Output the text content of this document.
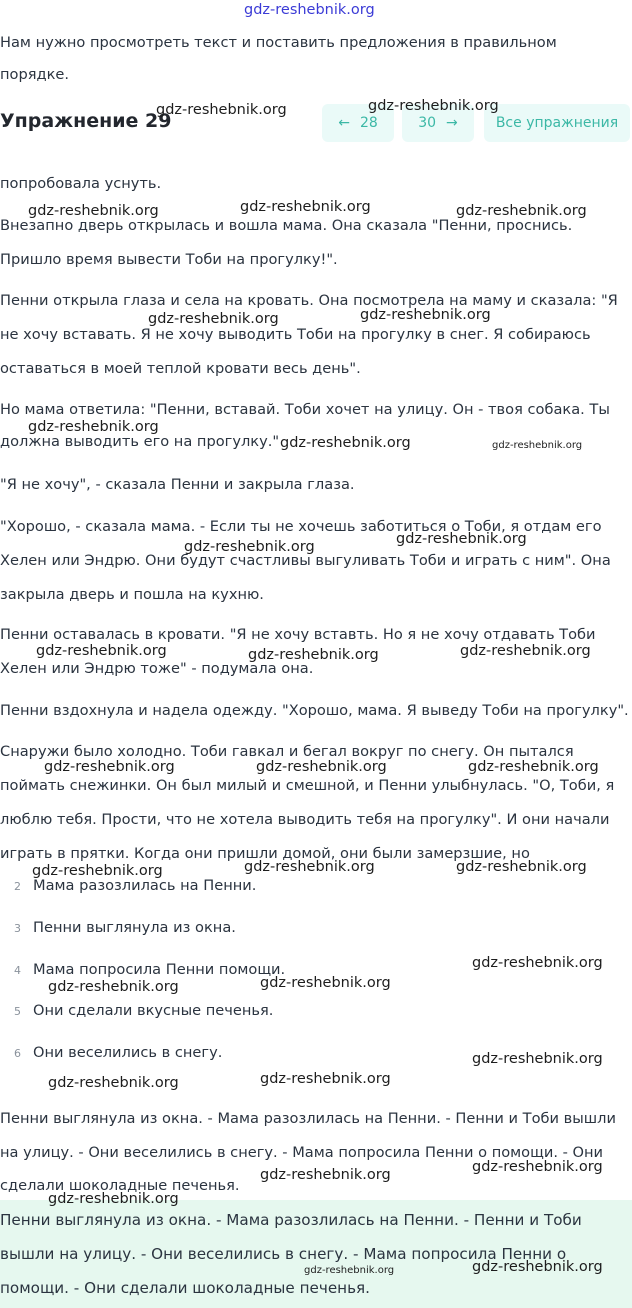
Нам нужно просмотреть текст и поставить предложения в правильном

порядке.

Упражнение 29	← 28	30 →	Все упражнения

попробовала уснуть.

Внезапно дверь открылась и вошла мама. Она сказала "Пенни, проснись.

Пришло время вывести Тоби на прогулку!".

Пенни открыла глаза и села на кровать. Она посмотрела на маму и сказала: "Я

не хочу вставать. Я не хочу выводить Тоби на прогулку в снег. Я собираюсь

оставаться в моей теплой кровати весь день".

Но мама ответила: "Пенни, вставай. Тоби хочет на улицу. Он - твоя собака. Ты

должна выводить его на прогулку."

"Я не хочу", - сказала Пенни и закрыла глаза.

"Хорошо, - сказала мама. - Если ты не хочешь заботиться о Тоби, я отдам его

Хелен или Эндрю. Они будут счастливы выгуливать Тоби и играть с ним". Она

закрыла дверь и пошла на кухню.

Пенни оставалась в кровати. "Я не хочу вставть. Но я не хочу отдавать Тоби

Хелен или Эндрю тоже" - подумала она.

Пенни вздохнула и надела одежду. "Хорошо, мама. Я выведу Тоби на прогулку".

Снаружи было холодно. Тоби гавкал и бегал вокруг по снегу. Он пытался

поймать снежинки. Он был милый и смешной, и Пенни улыбнулась. "О, Тоби, я

люблю тебя. Прости, что не хотела выводить тебя на прогулку". И они начали

играть в прятки. Когда они пришли домой, они были замерзшие, но

2 Мама разозлилась на Пенни.
3 Пенни выглянула из окна.
4 Мама попросила Пенни помощи.
5 Они сделали вкусные печенья.
6 Они веселились в снегу.

Пенни выглянула из окна. - Мама разозлилась на Пенни. - Пенни и Тоби вышли

на улицу. - Они веселились в снегу. - Мама попросила Пенни о помощи. - Они

сделали шоколадные печенья.

Пенни выглянула из окна. - Мама разозлилась на Пенни. - Пенни и Тоби

вышли на улицу. - Они веселились в снегу. - Мама попросила Пенни о

помощи. - Они сделали шоколадные печенья.

gdz-reshebnik.org
gdz-reshebnik.org	gdz-reshebnik.org
gdz-reshebnik.org	gdz-reshebnik.org	gdz-reshebnik.org
gdz-reshebnik.org	gdz-reshebnik.org
gdz-reshebnik.org
gdz-reshebnik.org	gdz-reshebnik.org
gdz-reshebnik.org	gdz-reshebnik.org
gdz-reshebnik.org	gdz-reshebnik.org	gdz-reshebnik.org
gdz-reshebnik.org	gdz-reshebnik.org	gdz-reshebnik.org
gdz-reshebnik.org	gdz-reshebnik.org	gdz-reshebnik.org
gdz-reshebnik.org
gdz-reshebnik.org	gdz-reshebnik.org
gdz-reshebnik.org
gdz-reshebnik.org	gdz-reshebnik.org
gdz-reshebnik.org
gdz-reshebnik.org
gdz-reshebnik.org
gdz-reshebnik.org	gdz-reshebnik.org
